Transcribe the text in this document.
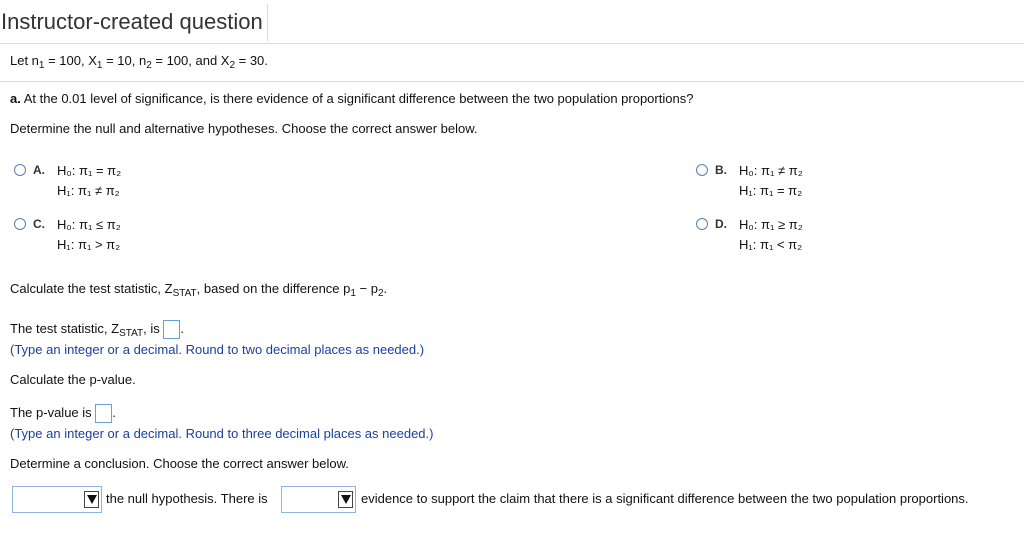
Instructor-created question
Let $n_1 = 100$, $X_1 = 10$, $n_2 = 100$, and $X_2 = 30$.
a. At the 0.01 level of significance, is there evidence of a significant difference between the two population proportions?
Determine the null and alternative hypotheses. Choose the correct answer below.
A. H₀: π₁ = π₂
H₁: π₁ ≠ π₂
B. H₀: π₁ ≠ π₂
H₁: π₁ = π₂
C. H₀: π₁ ≤ π₂
H₁: π₁ > π₂
D. H₀: π₁ ≥ π₂
H₁: π₁ < π₂
Calculate the test statistic, $Z_{STAT}$, based on the difference $p_1 - p_2$.
The test statistic, $Z_{STAT}$, is .
(Type an integer or a decimal. Round to two decimal places as needed.)
Calculate the p-value.
The p-value is .
(Type an integer or a decimal. Round to three decimal places as needed.)
Determine a conclusion. Choose the correct answer below.
the null hypothesis. There is	evidence to support the claim that there is a significant difference between the two population proportions.
